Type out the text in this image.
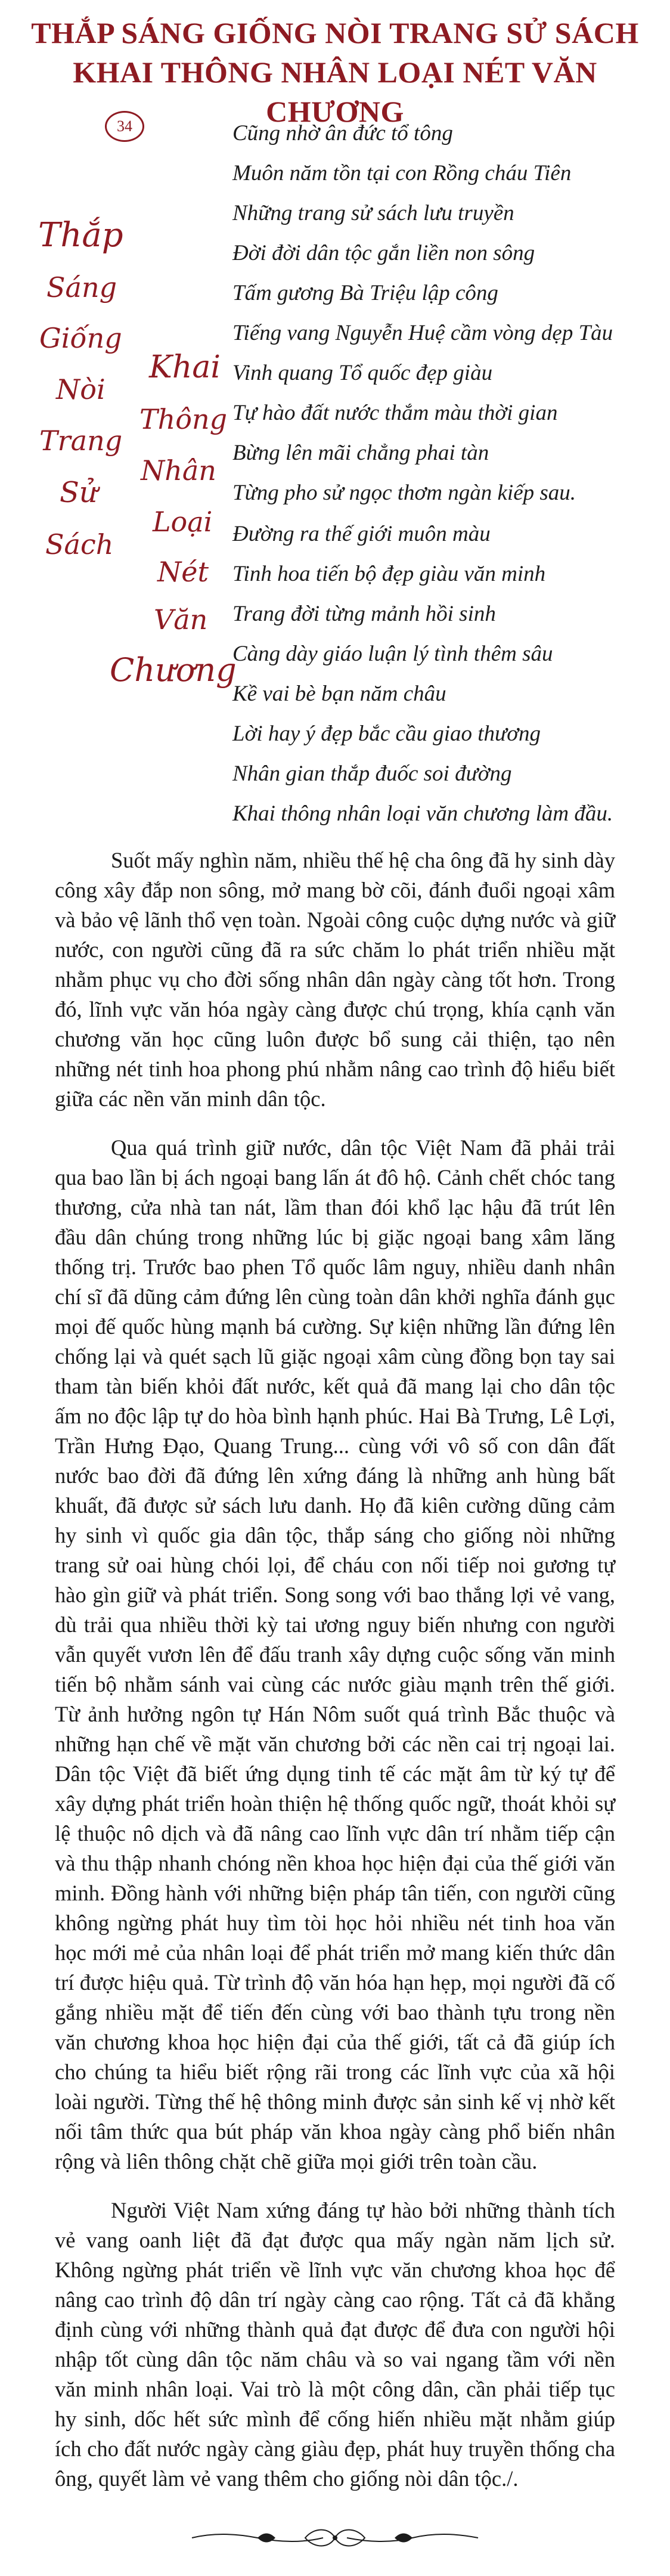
THẮP SÁNG GIỐNG NÒI TRANG SỬ SÁCH
KHAI THÔNG NHÂN LOẠI NÉT VĂN CHƯƠNG
34
Thắp
Sáng
Giống
Nòi
Trang
Sử
Sách
Khai
Thông
Nhân
Loại
Nét
Văn
Chương
Cũng nhờ ân đức tổ tông
Muôn năm tồn tại con Rồng cháu Tiên
Những trang sử sách lưu truyền
Đời đời dân tộc gắn liền non sông
Tấm gương Bà Triệu lập công
Tiếng vang Nguyễn Huệ cầm vòng dẹp Tàu
Vinh quang Tổ quốc đẹp giàu
Tự hào đất nước thắm màu thời gian
Bừng lên mãi chẳng phai tàn
Từng pho sử ngọc thơm ngàn kiếp sau.
Đường ra thế giới muôn màu
Tinh hoa tiến bộ đẹp giàu văn minh
Trang đời từng mảnh hồi sinh
Càng dày giáo luận lý tình thêm sâu
Kề vai bè bạn năm châu
Lời hay ý đẹp bắc cầu giao thương
Nhân gian thắp đuốc soi đường
Khai thông nhân loại văn chương làm đầu.

Suốt mấy nghìn năm, nhiều thế hệ cha ông đã hy sinh dày công xây đắp non sông, mở mang bờ cõi, đánh đuổi ngoại xâm và bảo vệ lãnh thổ vẹn toàn. Ngoài công cuộc dựng nước và giữ nước, con người cũng đã ra sức chăm lo phát triển nhiều mặt nhằm phục vụ cho đời sống nhân dân ngày càng tốt hơn. Trong đó, lĩnh vực văn hóa ngày càng được chú trọng, khía cạnh văn chương văn học cũng luôn được bổ sung cải thiện, tạo nên những nét tinh hoa phong phú nhằm nâng cao trình độ hiểu biết giữa các nền văn minh dân tộc.

Qua quá trình giữ nước, dân tộc Việt Nam đã phải trải qua bao lần bị ách ngoại bang lấn át đô hộ. Cảnh chết chóc tang thương, cửa nhà tan nát, lầm than đói khổ lạc hậu đã trút lên đầu dân chúng trong những lúc bị giặc ngoại bang xâm lăng thống trị. Trước bao phen Tổ quốc lâm nguy, nhiều danh nhân chí sĩ đã dũng cảm đứng lên cùng toàn dân khởi nghĩa đánh gục mọi đế quốc hùng mạnh bá cường. Sự kiện những lần đứng lên chống lại và quét sạch lũ giặc ngoại xâm cùng đồng bọn tay sai tham tàn biến khỏi đất nước, kết quả đã mang lại cho dân tộc ấm no độc lập tự do hòa bình hạnh phúc. Hai Bà Trưng, Lê Lợi, Trần Hưng Đạo, Quang Trung... cùng với vô số con dân đất nước bao đời đã đứng lên xứng đáng là những anh hùng bất khuất, đã được sử sách lưu danh. Họ đã kiên cường dũng cảm hy sinh vì quốc gia dân tộc, thắp sáng cho giống nòi những trang sử oai hùng chói lọi, để cháu con nối tiếp noi gương tự hào gìn giữ và phát triển. Song song với bao thắng lợi vẻ vang, dù trải qua nhiều thời kỳ tai ương nguy biến nhưng con người vẫn quyết vươn lên để đấu tranh xây dựng cuộc sống văn minh tiến bộ nhằm sánh vai cùng các nước giàu mạnh trên thế giới. Từ ảnh hưởng ngôn tự Hán Nôm suốt quá trình Bắc thuộc và những hạn chế về mặt văn chương bởi các nền cai trị ngoại lai. Dân tộc Việt đã biết ứng dụng tinh tế các mặt âm từ ký tự để xây dựng phát triển hoàn thiện hệ thống quốc ngữ, thoát khỏi sự lệ thuộc nô dịch và đã nâng cao lĩnh vực dân trí nhằm tiếp cận và thu thập nhanh chóng nền khoa học hiện đại của thế giới văn minh. Đồng hành với những biện pháp tân tiến, con người cũng không ngừng phát huy tìm tòi học hỏi nhiều nét tinh hoa văn học mới mẻ của nhân loại để phát triển mở mang kiến thức dân trí được hiệu quả. Từ trình độ văn hóa hạn hẹp, mọi người đã cố gắng nhiều mặt để tiến đến cùng với bao thành tựu trong nền văn chương khoa học hiện đại của thế giới, tất cả đã giúp ích cho chúng ta hiểu biết rộng rãi trong các lĩnh vực của xã hội loài người. Từng thế hệ thông minh được sản sinh kế vị nhờ kết nối tâm thức qua bút pháp văn khoa ngày càng phổ biến nhân rộng và liên thông chặt chẽ giữa mọi giới trên toàn cầu.

Người Việt Nam xứng đáng tự hào bởi những thành tích vẻ vang oanh liệt đã đạt được qua mấy ngàn năm lịch sử. Không ngừng phát triển về lĩnh vực văn chương khoa học để nâng cao trình độ dân trí ngày càng cao rộng. Tất cả đã khẳng định cùng với những thành quả đạt được để đưa con người hội nhập tốt cùng dân tộc năm châu và so vai ngang tầm với nền văn minh nhân loại. Vai trò là một công dân, cần phải tiếp tục hy sinh, dốc hết sức mình để cống hiến nhiều mặt nhằm giúp ích cho đất nước ngày càng giàu đẹp, phát huy truyền thống cha ông, quyết làm vẻ vang thêm cho giống nòi dân tộc./.
